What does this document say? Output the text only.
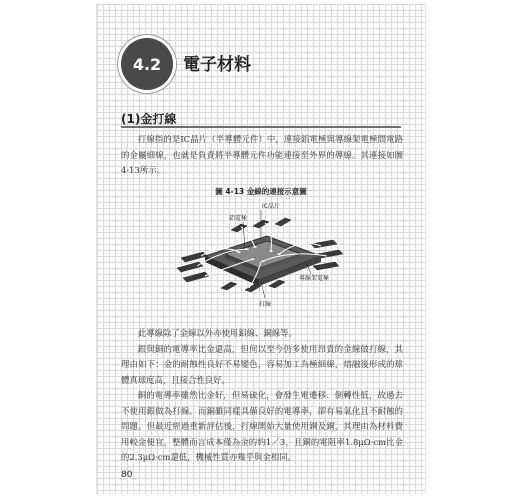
4.2	電子材料
(1)金打線

打線指的是IC晶片（半導體元件）中，連接鋁電極與導線架電極間電路的金屬細線，也就是負責將半導體元件功能連接至外界的導線。其連接如圖4-13所示。

圖 4-13 金線的連接示意圖
IC晶片
鋁電極
導線架電極
打線

此導線除了金線以外亦使用鋁線、銅線等。

銀與銅的電導率比金還高，但何以至今仍多使用昂貴的金線做打線，其理由如下：金的耐蝕性良好不易變色，容易加工為極細線，熔融後形成的球體真球度高，且接合性良好。

銅的電導率雖然比金好，但易硫化，會發生電遷移、倒轉性低，故過去不使用銀做為打線。而銅雖同樣具備良好的電導率，卻有易氧化且不耐蝕的問題。但最近經過重新評估後，打線開始大量使用銅及銅，其理由為材料費用較金便宜，整體而言成本僅為金的約1／3，且銅的電阻率1.8μΩ·cm比金的2.3μΩ·cm還低，機械性質亦幾乎與金相同。

80
